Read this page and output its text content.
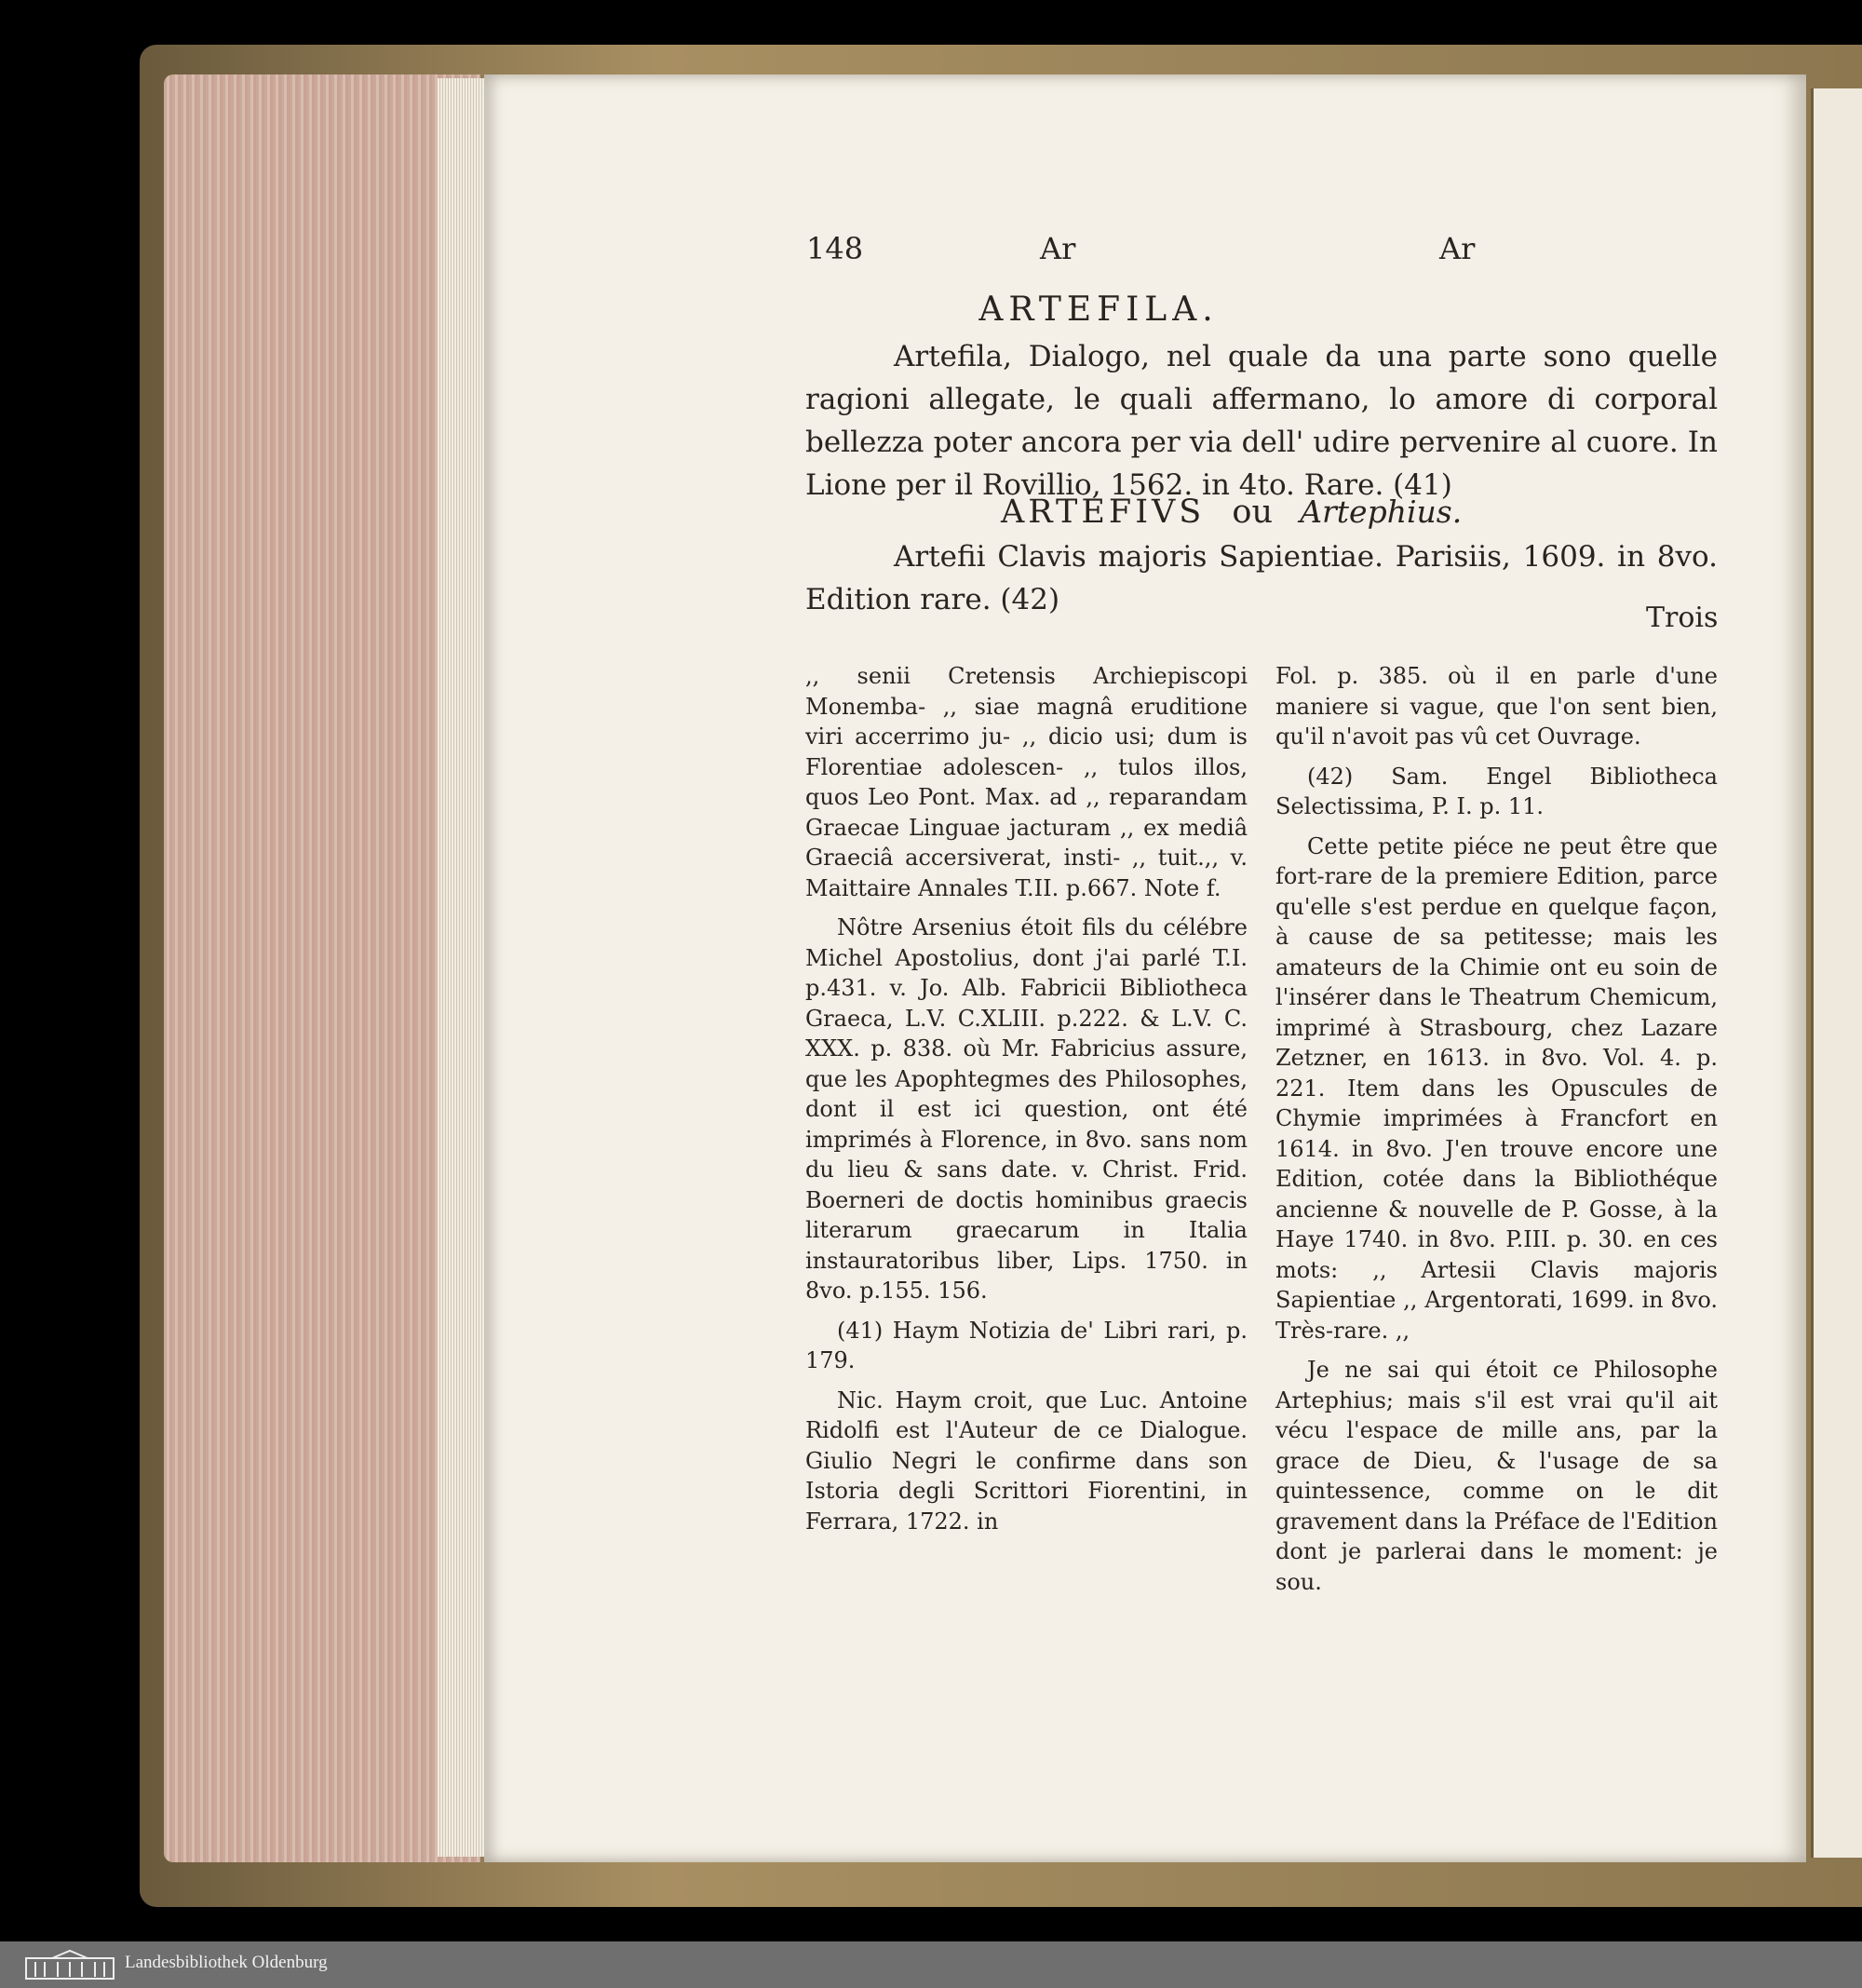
148	Ar	Ar
ARTEFILA.
Artefila, Dialogo, nel quale da una parte sono quelle ragioni allegate, le quali affermano, lo amore di corporal bellezza poter ancora per via dell' udire pervenire al cuore. In Lione per il Rovillio, 1562. in 4to. Rare. (41)
ARTEFIVS ou Artephius.
Artefii Clavis majoris Sapientiae. Parisiis, 1609. in 8vo. Edition rare. (42)
Trois

,, senii Cretensis Archiepiscopi Monemba- ,, siae magnâ eruditione viri accerrimo ju- ,, dicio usi; dum is Florentiae adolescen- ,, tulos illos, quos Leo Pont. Max. ad ,, reparandam Graecae Linguae jacturam ,, ex mediâ Graeciâ accersiverat, insti- ,, tuit.,, v. Maittaire Annales T.II. p.667. Note f.

Nôtre Arsenius étoit fils du célébre Michel Apostolius, dont j'ai parlé T.I. p.431. v. Jo. Alb. Fabricii Bibliotheca Graeca, L.V. C.XLIII. p.222. & L.V. C. XXX. p. 838. où Mr. Fabricius assure, que les Apophtegmes des Philosophes, dont il est ici question, ont été imprimés à Florence, in 8vo. sans nom du lieu & sans date. v. Christ. Frid. Boerneri de doctis hominibus graecis literarum graecarum in Italia instauratoribus liber, Lips. 1750. in 8vo. p.155. 156.

(41) Haym Notizia de' Libri rari, p. 179.

Nic. Haym croit, que Luc. Antoine Ridolfi est l'Auteur de ce Dialogue. Giulio Negri le confirme dans son Istoria degli Scrittori Fiorentini, in Ferrara, 1722. in

Fol. p. 385. où il en parle d'une maniere si vague, que l'on sent bien, qu'il n'avoit pas vû cet Ouvrage.

(42) Sam. Engel Bibliotheca Selectissima, P. I. p. 11.

Cette petite piéce ne peut être que fort-rare de la premiere Edition, parce qu'elle s'est perdue en quelque façon, à cause de sa petitesse; mais les amateurs de la Chimie ont eu soin de l'insérer dans le Theatrum Chemicum, imprimé à Strasbourg, chez Lazare Zetzner, en 1613. in 8vo. Vol. 4. p. 221. Item dans les Opuscules de Chymie imprimées à Francfort en 1614. in 8vo. J'en trouve encore une Edition, cotée dans la Bibliothéque ancienne & nouvelle de P. Gosse, à la Haye 1740. in 8vo. P.III. p. 30. en ces mots: ,, Artesii Clavis majoris Sapientiae ,, Argentorati, 1699. in 8vo. Très-rare. ,,

Je ne sai qui étoit ce Philosophe Artephius; mais s'il est vrai qu'il ait vécu l'espace de mille ans, par la grace de Dieu, & l'usage de sa quintessence, comme on le dit gravement dans la Préface de l'Edition dont je parlerai dans le moment: je sou.

Landesbibliothek Oldenburg
